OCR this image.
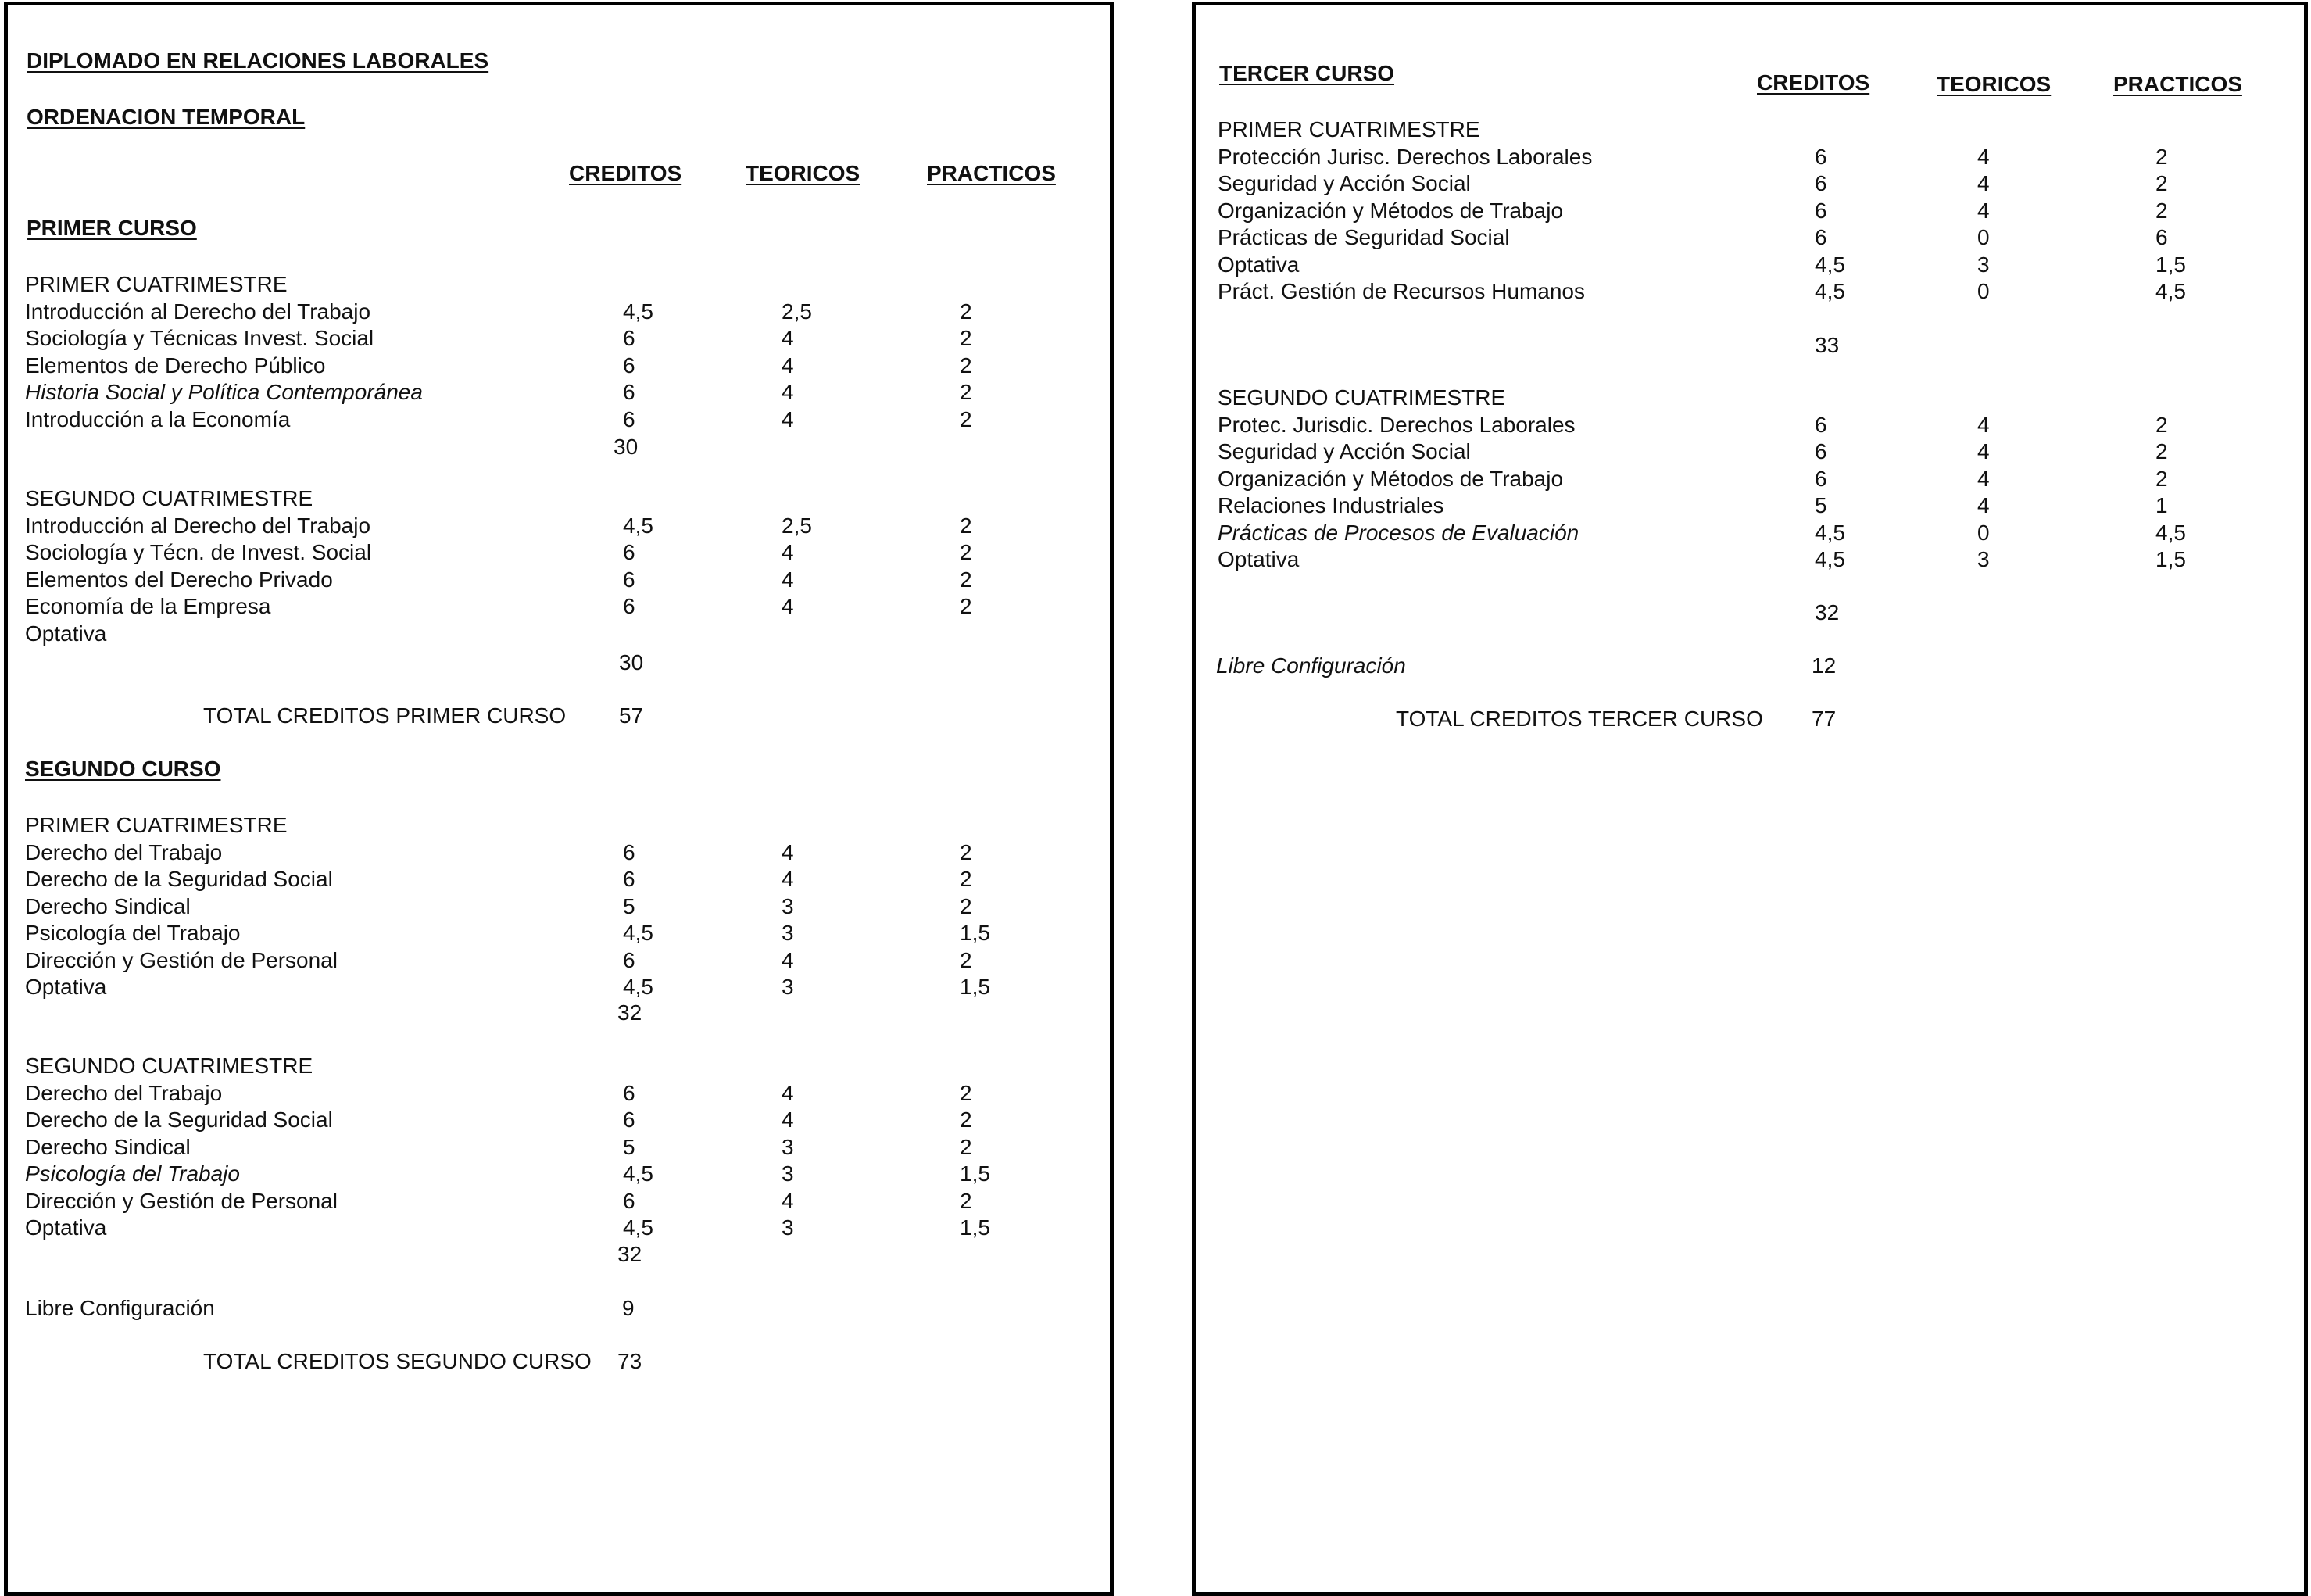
DIPLOMADO EN RELACIONES LABORALES
ORDENACION TEMPORAL
CREDITOS	TEORICOS	PRACTICOS
PRIMER CURSO
PRIMER CUATRIMESTRE
Introducción al Derecho del Trabajo	4,5	2,5	2
Sociología y Técnicas Invest. Social	6	4	2
Elementos de Derecho Público	6	4	2
Historia Social y Política Contemporánea	6	4	2
Introducción a la Economía	6	4	2
30
SEGUNDO CUATRIMESTRE
Introducción al Derecho del Trabajo	4,5	2,5	2
Sociología y Técn. de Invest. Social	6	4	2
Elementos del Derecho Privado	6	4	2
Economía de la Empresa	6	4	2
Optativa
30
TOTAL CREDITOS PRIMER CURSO 57
SEGUNDO CURSO
PRIMER CUATRIMESTRE
Derecho del Trabajo	6	4	2
Derecho de la Seguridad Social	6	4	2
Derecho Sindical	5	3	2
Psicología del Trabajo	4,5	3	1,5
Dirección y Gestión de Personal	6	4	2
Optativa	4,5	3	1,5
32
SEGUNDO CUATRIMESTRE
Derecho del Trabajo	6	4	2
Derecho de la Seguridad Social	6	4	2
Derecho Sindical	5	3	2
Psicología del Trabajo	4,5	3	1,5
Dirección y Gestión de Personal	6	4	2
Optativa	4,5	3	1,5
32
Libre Configuración	9
TOTAL CREDITOS SEGUNDO CURSO 73
TERCER CURSO	CREDITOS	TEORICOS	PRACTICOS
PRIMER CUATRIMESTRE
Protección Jurisc. Derechos Laborales	6	4	2
Seguridad y Acción Social	6	4	2
Organización y Métodos de Trabajo	6	4	2
Prácticas de Seguridad Social	6	0	6
Optativa	4,5	3	1,5
Práct. Gestión de Recursos Humanos	4,5	0	4,5
33
SEGUNDO CUATRIMESTRE
Protec. Jurisdic. Derechos Laborales	6	4	2
Seguridad y Acción Social	6	4	2
Organización y Métodos de Trabajo	6	4	2
Relaciones Industriales	5	4	1
Prácticas de Procesos de Evaluación	4,5	0	4,5
Optativa	4,5	3	1,5
32
Libre Configuración	12
TOTAL CREDITOS TERCER CURSO 77
